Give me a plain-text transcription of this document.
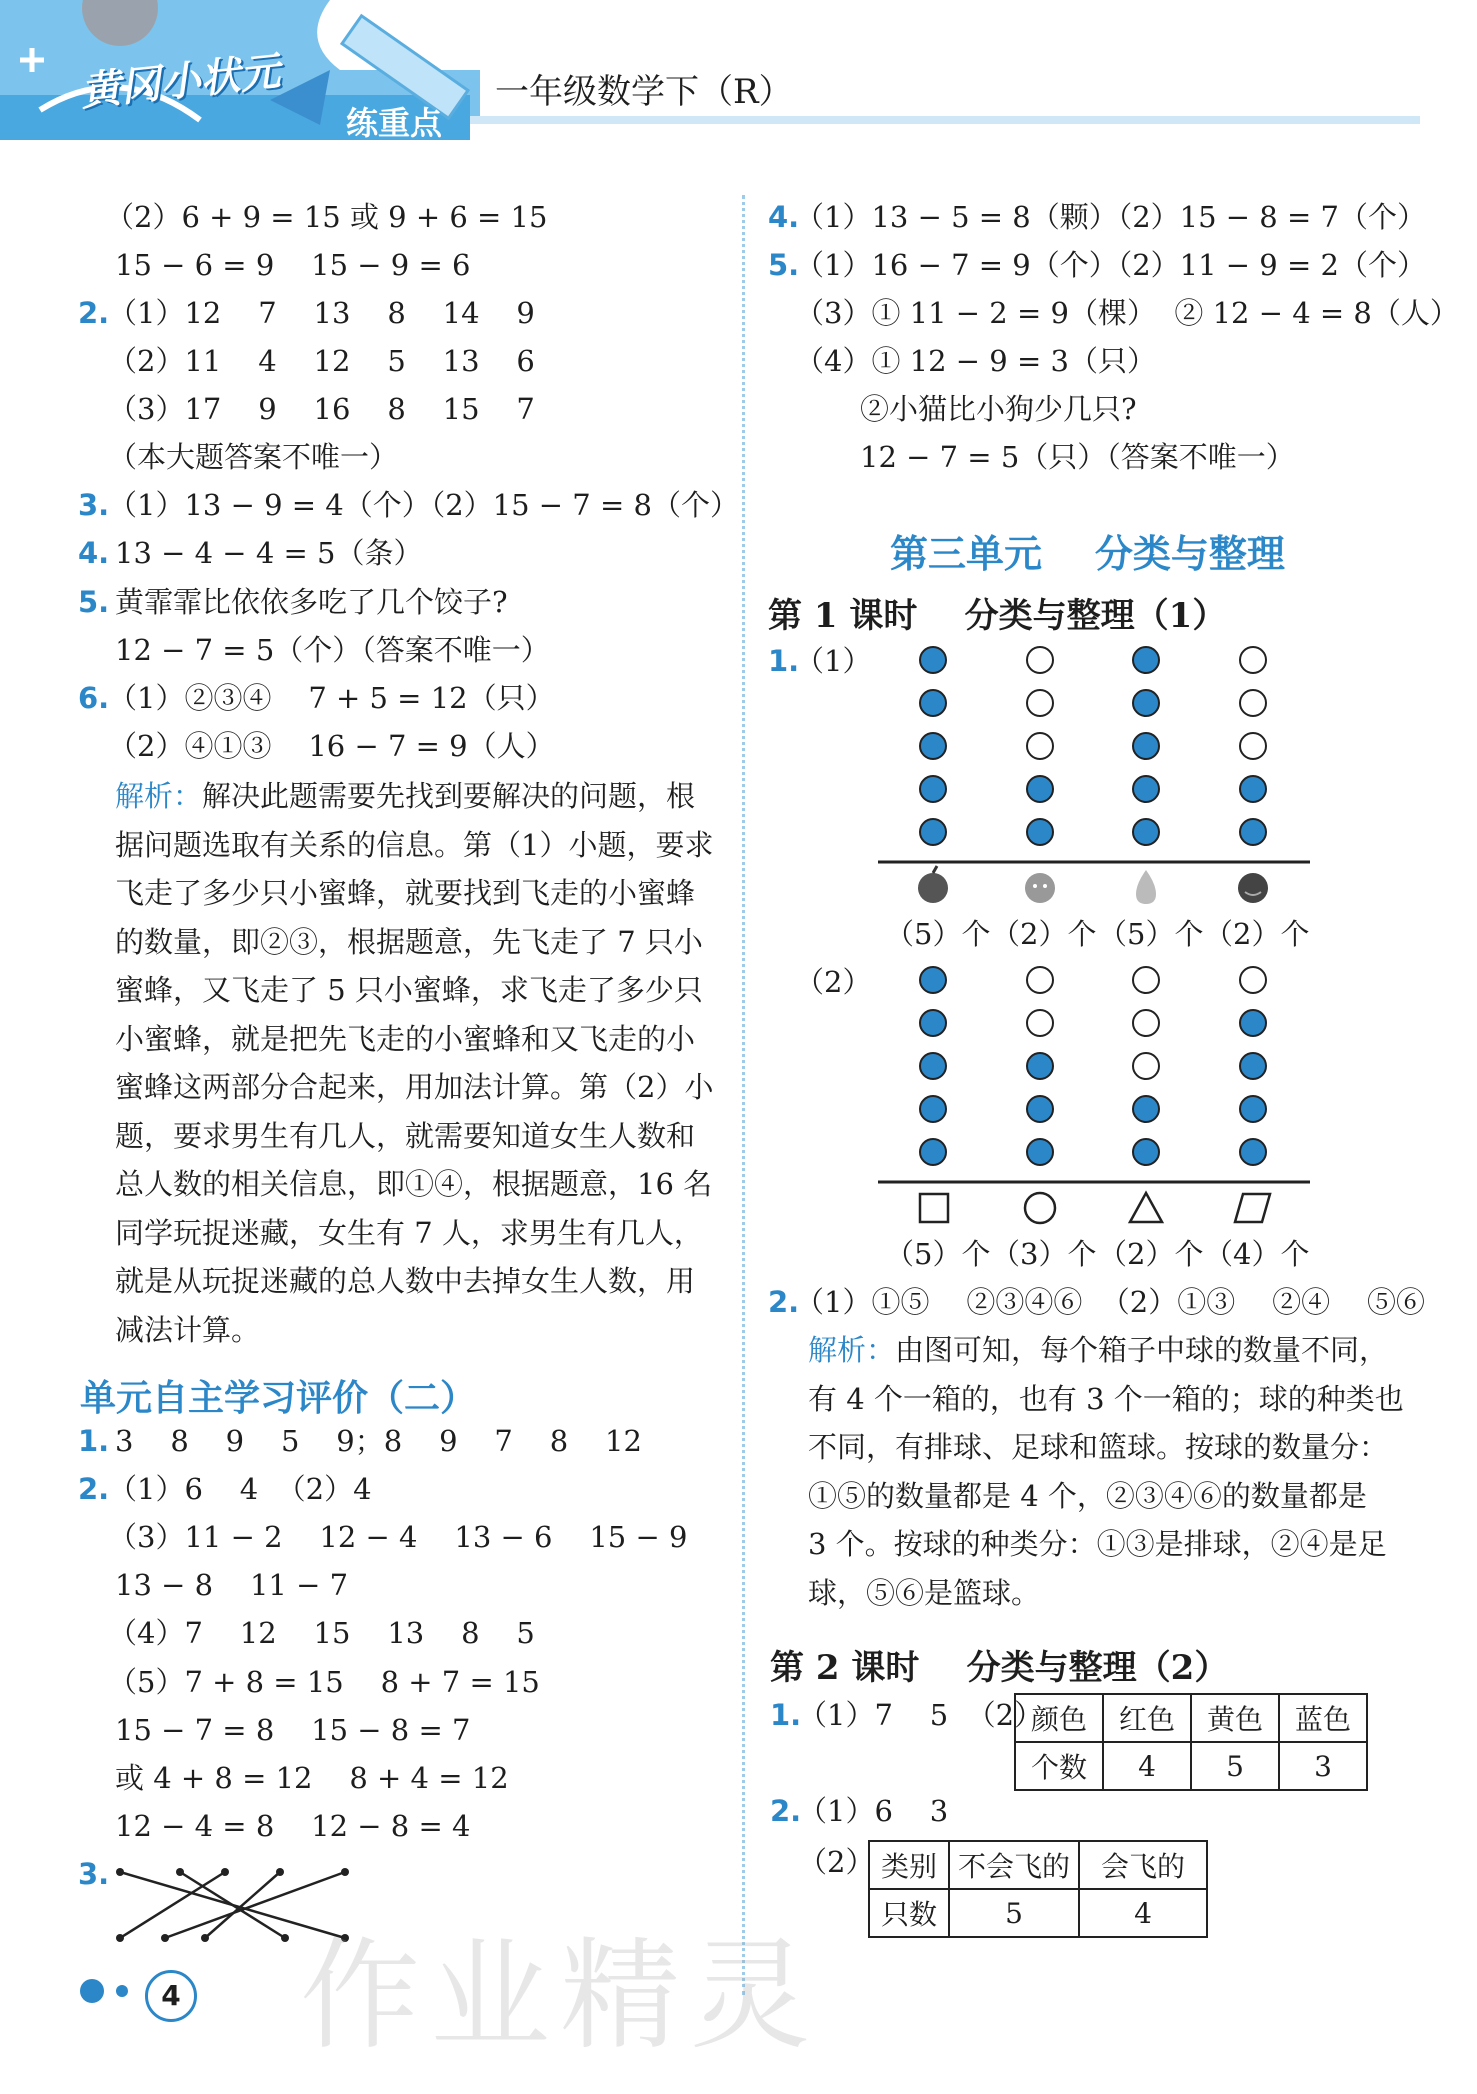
黄冈小状元
练重点
一年级数学下（R）
（2）6 + 9 = 15 或 9 + 6 = 15
15 − 6 = 9    15 − 9 = 6
2.
（1）12    7    13    8    14    9
（2）11    4    12    5    13    6
（3）17    9    16    8    15    7
（本大题答案不唯一）
3.
（1）13 − 9 = 4（个）（2）15 − 7 = 8（个）
4. 13 − 4 − 4 = 5（条）
5. 黄霏霏比依依多吃了几个饺子?
12 − 7 = 5（个）（答案不唯一）
6.
（1）②③④    7 + 5 = 12（只）
（2）④①③    16 − 7 = 9（人）
解析：解决此题需要先找到要解决的问题，根
据问题选取有关系的信息。第（1）小题，要求
飞走了多少只小蜜蜂，就要找到飞走的小蜜蜂
的数量，即②③，根据题意，先飞走了 7 只小
蜜蜂，又飞走了 5 只小蜜蜂，求飞走了多少只
小蜜蜂，就是把先飞走的小蜜蜂和又飞走的小
蜜蜂这两部分合起来，用加法计算。第（2）小
题，要求男生有几人，就需要知道女生人数和
总人数的相关信息，即①④，根据题意，16 名
同学玩捉迷藏，女生有 7 人，求男生有几人，
就是从玩捉迷藏的总人数中去掉女生人数，用
减法计算。
单元自主学习评价（二）
1. 3    8    9    5    9；8    9    7    8    12
2.
（1）6    4  （2）4
（3）11 − 2    12 − 4    13 − 6    15 − 9
13 − 8    11 − 7
（4）7    12    15    13    8    5
（5）7 + 8 = 15    8 + 7 = 15
15 − 7 = 8    15 − 8 = 7
或 4 + 8 = 12    8 + 4 = 12
12 − 4 = 8    12 − 8 = 4
3.
4 作业精灵
4.
（1）13 − 5 = 8（颗）（2）15 − 8 = 7（个）
5.
（1）16 − 7 = 9（个）（2）11 − 9 = 2（个）
（3）① 11 − 2 = 9（棵）  ② 12 − 4 = 8（人）
（4）① 12 − 9 = 3（只）
②小猫比小狗少几只?
12 − 7 = 5（只）（答案不唯一）
第三单元    分类与整理
第 1 课时    分类与整理（1）
1.
（1）
（5）个 （2）个 （5）个 （2）个
（2）
（5）个 （3）个 （2）个 （4）个
2.
（1）①⑤    ②③④⑥  （2）①③    ②④    ⑤⑥
解析：由图可知，每个箱子中球的数量不同，
有 4 个一箱的，也有 3 个一箱的；球的种类也
不同，有排球、足球和篮球。按球的数量分：
①⑤的数量都是 4 个，②③④⑥的数量都是
3 个。按球的种类分：①③是排球，②④是足
球，⑤⑥是篮球。
第 2 课时    分类与整理（2）
1.
（1）7    5  （2）
颜色	红色	黄色	蓝色
个数	4	5	3
2.
（1）6    3
（2） 类别	不会飞的	会飞的
只数	5	4
